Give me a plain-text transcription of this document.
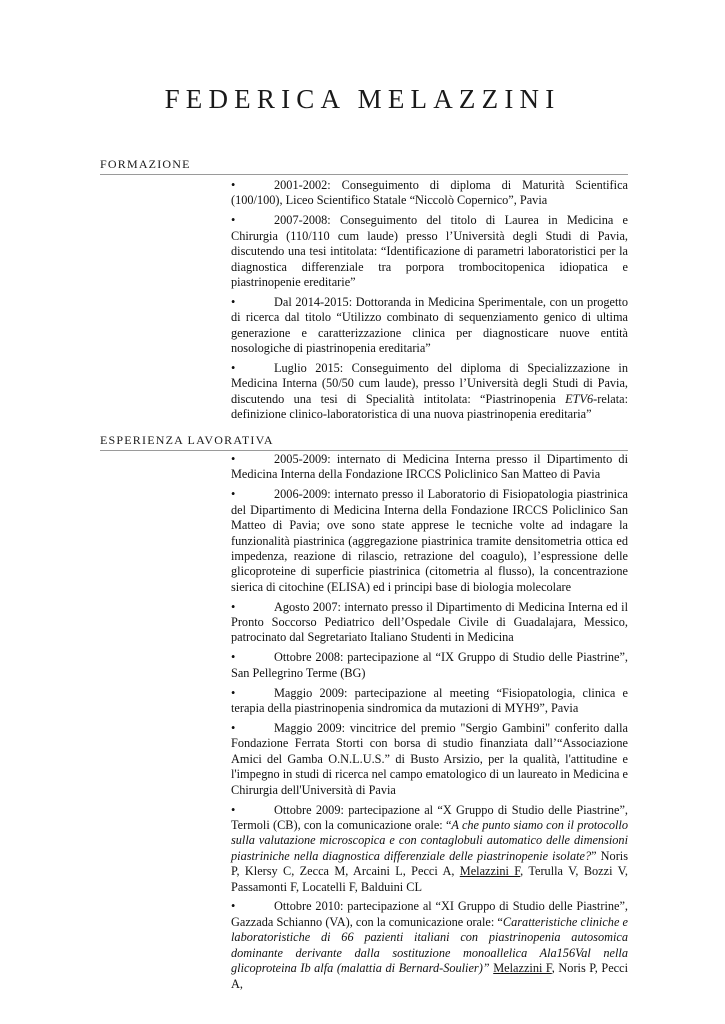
FEDERICA MELAZZINI
FORMAZIONE

•	2001-2002: Conseguimento di diploma di Maturità Scientifica (100/100), Liceo Scientifico Statale “Niccolò Copernico”, Pavia

•	2007-2008: Conseguimento del titolo di Laurea in Medicina e Chirurgia (110/110 cum laude) presso l’Università degli Studi di Pavia, discutendo una tesi intitolata: “Identificazione di parametri laboratoristici per la diagnostica differenziale tra porpora trombocitopenica idiopatica e piastrinopenie ereditarie”

•	Dal 2014-2015: Dottoranda in Medicina Sperimentale, con un progetto di ricerca dal titolo “Utilizzo combinato di sequenziamento genico di ultima generazione e caratterizzazione clinica per diagnosticare nuove entità nosologiche di piastrinopenia ereditaria”

•	Luglio 2015: Conseguimento del diploma di Specializzazione in Medicina Interna (50/50 cum laude), presso l’Università degli Studi di Pavia, discutendo una tesi di Specialità intitolata: “Piastrinopenia ETV6-relata: definizione clinico-laboratoristica di una nuova piastrinopenia ereditaria”

ESPERIENZA LAVORATIVA

•	2005-2009: internato di Medicina Interna presso il Dipartimento di Medicina Interna della Fondazione IRCCS Policlinico San Matteo di Pavia

•	2006-2009: internato presso il Laboratorio di Fisiopatologia piastrinica del Dipartimento di Medicina Interna della Fondazione IRCCS Policlinico San Matteo di Pavia; ove sono state apprese le tecniche volte ad indagare la funzionalità piastrinica (aggregazione piastrinica tramite densitometria ottica ed impedenza, reazione di rilascio, retrazione del coagulo), l’espressione delle glicoproteine di superficie piastrinica (citometria al flusso), la concentrazione sierica di citochine (ELISA) ed i principi base di biologia molecolare

•	Agosto 2007: internato presso il Dipartimento di Medicina Interna ed il Pronto Soccorso Pediatrico dell’Ospedale Civile di Guadalajara, Messico, patrocinato dal Segretariato Italiano Studenti in Medicina

•	Ottobre 2008: partecipazione al “IX Gruppo di Studio delle Piastrine”, San Pellegrino Terme (BG)

•	Maggio 2009: partecipazione al meeting “Fisiopatologia, clinica e terapia della piastrinopenia sindromica da mutazioni di MYH9”, Pavia

•	Maggio 2009: vincitrice del premio "Sergio Gambini" conferito dalla Fondazione Ferrata Storti con borsa di studio finanziata dall’“Associazione Amici del Gamba O.N.L.U.S.” di Busto Arsizio, per la qualità, l'attitudine e l'impegno in studi di ricerca nel campo ematologico di un laureato in Medicina e Chirurgia dell'Università di Pavia

•	Ottobre 2009: partecipazione al “X Gruppo di Studio delle Piastrine”, Termoli (CB), con la comunicazione orale: “A che punto siamo con il protocollo sulla valutazione microscopica e con contaglobuli automatico delle dimensioni piastriniche nella diagnostica differenziale delle piastrinopenie isolate?” Noris P, Klersy C, Zecca M, Arcaini L, Pecci A, Melazzini F, Terulla V, Bozzi V, Passamonti F, Locatelli F, Balduini CL

•	Ottobre 2010: partecipazione al “XI Gruppo di Studio delle Piastrine”, Gazzada Schianno (VA), con la comunicazione orale: “Caratteristiche cliniche e laboratoristiche di 66 pazienti italiani con piastrinopenia autosomica dominante derivante dalla sostituzione monoallelica Ala156Val nella glicoproteina Ib alfa (malattia di Bernard-Soulier)” Melazzini F, Noris P, Pecci A,
